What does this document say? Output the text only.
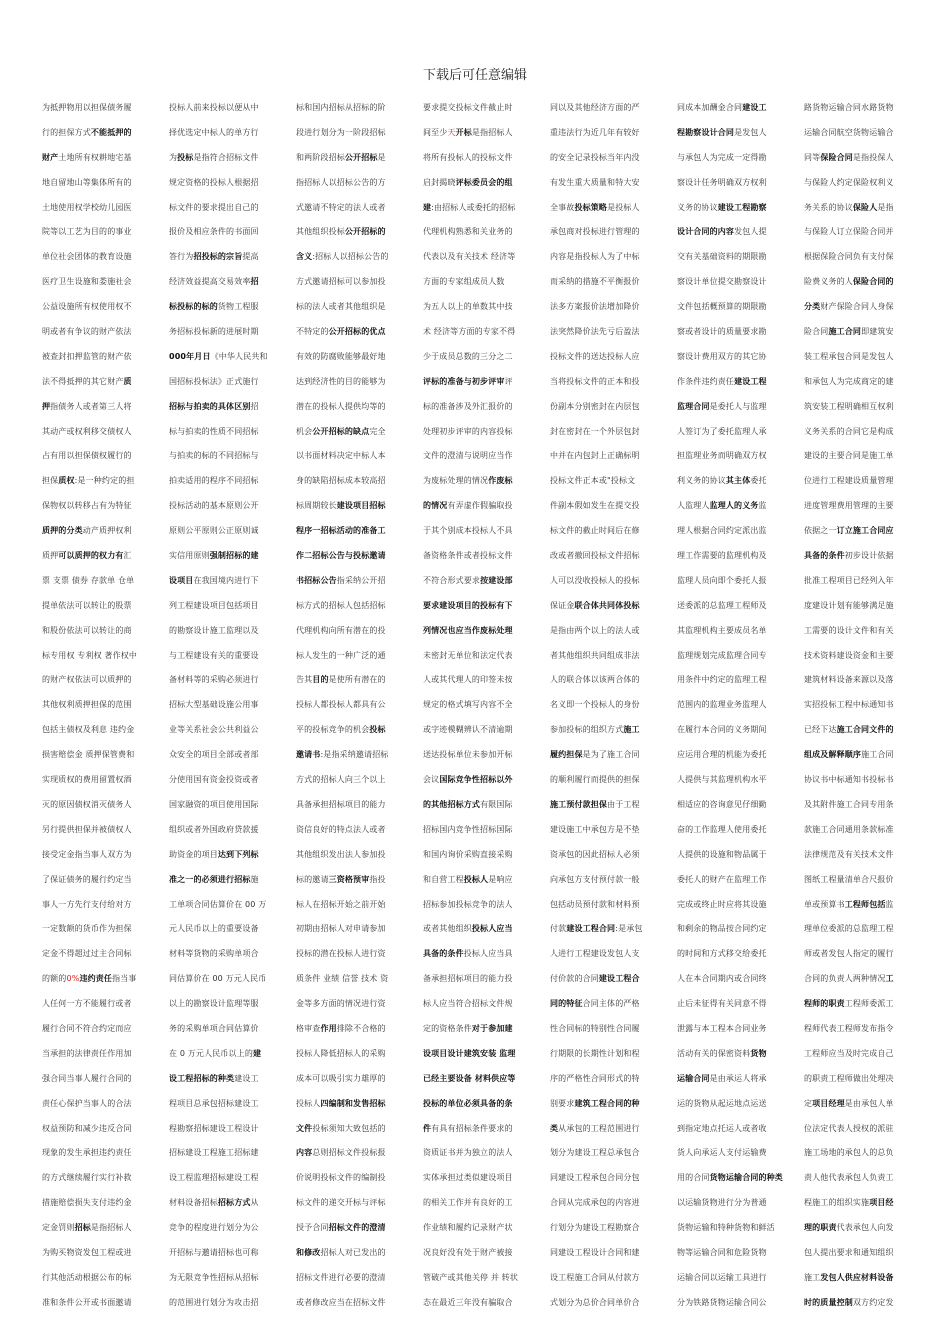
下载后可任意编辑
为抵押物用以担保债务履
行的担保方式不能抵押的
财产土地所有权耕地宅基
地自留地山等集体所有的
土地使用权学校幼儿园医
院等以工艺为目的的事业
单位社会团体的教育设施
医疗卫生设施和娄施社会
公益设施所有权使用权不
明或者有争议的财产依法
被查封扣押监管的财产依
法不得抵押的其它财产质
押指债务人或者第三人将
其动产或权利移交债权人
占有用以担保债权履行的
担保质权:是一种约定的担
保物权以转移占有为特征
质押的分类动产质押权利
质押可以质押的权力有汇
票 支票 债券 存款单 仓单
提单依法可以转让的股票
和股份依法可以转让的商
标专用权 专利权 著作权中
的财产权依法可以质押的
其他权利质押担保的范围
包括主债权及利息 违约金
损害赔偿金 质押保管费和
实现质权的费用留置权酒
灭的原因债权消灭债务人
另行提供担保并被债权人
接受定金指当事人双方为
了保证债务的履行约定当
事人一方先行支付给对方
一定数额的货币作为担保
定金不得超过过主合同标
的额的0%违约责任指当事
人任何一方不能履行或者
履行合同不符合约定而应
当承担的法律责任作用加
强合同当事人履行合同的
责任心保护当事人的合法
权益预防和减少违反合同
现象的发生承担违约责任
的方式继续履行实行补救
措施赔偿损失支付违约金
定金罚则招标是指招标人
为购买物资发包工程或进
行其他活动根据公布的标
准和条件公开或书面邀请
投标人前来投标以便从中
择优选定中标人的单方行
为投标是指符合招标文件
规定资格的投标人根据招
标文件的要求提出自己的
报价及相应条件的书面回
答行为招投标的宗旨提高
经济效益提高交易效率招
标投标的标的货物工程服
务招标投标新的进展时期
000年月日《中华人民共和
国招标投标法》正式施行
招标与拍卖的具体区别招
标与拍卖的性质不同招标
与拍卖的标的不同招标与
拍卖适用的程序不同招标
投标活动的基本原则公开
原则公平原则公正原则诚
实信用原则强制招标的建
设项目在我国境内进行下
列工程建设项目包括项目
的勘察设计施工监理以及
与工程建设有关的重要设
备材料等的采购必须进行
招标大型基础设施公用事
业等关系社会公共利益公
众安全的项目全部或者部
分使用国有资金投资或者
国家融资的项目使用国际
组织或者外国政府贷款援
助资金的项目达到下列标
准之一的必须进行招标施
工单项合同估算价在 00 万
元人民币以上的重要设备
材料等货物的采购单项合
同估算价在 00 万元人民币
以上的勘察设计监理等服
务的采购单项合同估算价
在 0 万元人民币以上的建
设工程招标的种类建设工
程项目总承包招标建设工
程勘察招标建设工程设计
招标建设工程施工招标建
设工程监理招标建设工程
材料设备招标招标方式从
竞争的程度进行划分为公
开招标与邀请招标也可称
为无限竞争性招标从招标
的范围进行划分为攻击招
标和国内招标从招标的阶
段进行划分为一阶段招标
和两阶段招标公开招标是
指招标人以招标公告的方
式邀请不特定的法人或者
其他组织投标公开招标的
含义:招标人以招标公告的
方式邀请招标可以参加投
标的法人或者其他组织是
不特定的公开招标的优点
有效的防腐败能够最好地
达到经济性的目的能够为
潜在的投标人提供均等的
机会公开招标的缺点完全
以书面材料决定中标人本
身的缺陷招标成本较高招
标周期较长建设项目招标
程序一招标活动的准备工
作二招标公告与投标邀请
书招标公告指采纳公开招
标方式的招标人包括招标
代理机构向所有潜在的投
标人发生的一种广泛的通
告其目的是使所有潜在的
投标人都投标人都具有公
平的投标竞争的机会投标
邀请书:是指采纳邀请招标
方式的招标人向三个以上
具备承担招标项目的能力
资信良好的特点法人或者
其他组织发出法人参加投
标的邀请三资格预审指投
标人在招标开始之前开始
初期由招标人对申请参加
投标的潜在投标人进行资
质条件 业绩 信誉 技术 资
金等多方面的情况进行资
格审查作用排除不合格的
投标人降低招标人的采购
成本可以吸引实力雄厚的
投标人四编制和发售招标
文件投标须知大致包括的
内容总则招标文件投标报
价说明投标文件的编制投
标文件的递交开标与评标
授予合同招标文件的澄清
和修改招标人对已发出的
招标文件进行必要的澄清
或者修改应当在招标文件
要求提交投标文件截止时
间至少天开标是指招标人
将所有投标人的投标文件
启封揭晓评标委员会的组
建:由招标人或委托的招标
代理机构熟悉和关业务的
代表以及有关技术 经济等
方面的专家组成员人数
为五人以上的单数其中技
术 经济等方面的专家不得
少于成员总数的三分之二
评标的准备与初步评审评
标的准备涉及外汇报价的
处理初步评审的内容投标
文件的澄清与说明应当作
为废标处理的情况作废标
的情况有弄虚作假骗取投
于其个别成本投标人不具
备资格条件或者投标文件
不符合形式要求按建设部
要求建设项目的投标有下
列情况也应当作废标处理
未密封无单位和法定代表
人或其代理人的印签未按
规定的格式填写内容不全
或字迹模糊辨认不清逾期
送达投标单位未参加开标
会议国际竞争性招标以外
的其他招标方式有限国际
招标国内竞争性招标国际
和国内询价采购直接采购
和自营工程投标人是响应
招标参加投标竞争的法人
或者其他组织投标人应当
具备的条件投标人应当具
备承担招标项目的能力投
标人应当符合招标文件规
定的资格条件对于参加建
设项目设计建筑安装 监理
已经主要设备 材料供应等
投标的单位必须具备的条
件有具有招标条件要求的
资质证书并为独立的法人
实体承担过类似建设项目
的相关工作并有良好的工
作业绩和履约记录财产状
况良好没有处于财产被接
管破产或其他关停 并 转状
态在最近三年没有骗取合
同以及其他经济方面的严
重违法行为近几年有较好
的安全记录投标当年内没
有发生重大质量和特大安
全事故投标策略是投标人
承包商对投标进行管理的
内容是指投标人为了中标
而采纳的措施不平衡报价
法多方案报价法增加降价
法突然降价法先亏后盈法
投标文件的送达投标人应
当将投标文件的正本和投
份副本分别密封在内层包
封在密封在一个外层包封
中并在内包封上正确标明
投标文件正本或"投标文
件副本假如发生在提交投
标文件的截止时间后在修
改或者撤回投标文件招标
人可以没收投标人的投标
保证金联合体共同体投标
是指由两个以上的法人或
者其他组织共同组成非法
人的联合体以该两合体的
名义即一个投标人的身份
参加投标的组织方式施工
履约担保是为了施工合同
的顺利履行而提供的担保
施工预付款担保由于工程
建设施工中承包方是不垫
资承包的因此招标人必须
向承包方支付预付款一般
包括动员预付款和材料预
付款建设工程合同:是承包
人进行工程建设发包人支
付价款的合同建设工程合
同的特征合同主体的严格
性合同标的特别性合同履
行期限的长期性计划和程
序的严格性合同形式的特
别要求建筑工程合同的种
类从承包的工程范围进行
划分为建设工程总承包合
同建设工程承包合同分包
合同从完成承包的内容进
行划分为建设工程勘察合
同建设工程设计合同和建
设工程施工合同从付款方
式划分为总价合同单价合
同成本加酬金合同建设工
程勘察设计合同是发包人
与承包人为完成一定得勘
察设计任务明确双方权利
义务的协议建设工程勘察
设计合同的内容发包人提
交有关基础资料的期限勘
察设计单位提交勘察设计
文件包括概预算的期限勘
察或者设计的质量要求勘
察设计费用双方的其它协
作条件违约责任建设工程
监理合同是委托人与监理
人签订为了委托监理人承
担监理业务而明确双方权
利义务的协议其主体委托
人监理人监理人的义务监
理人根据合同约定派出监
理工作需要的监理机构及
监理人员向即个委托人报
送委派的总监理工程师及
其监理机构主要成员名单
监理规划完成监理合同专
用条件中约定的监理工程
范围内的监理业务监理人
在履行本合同的义务期间
应运用合理的机能为委托
人提供与其监理机构水平
相适应的咨询意见仔细勤
奋的工作监理人使用委托
人提供的设施和物品属于
委托人的财产在监理工作
完成或终止时应将其设施
和剩余的物品按合同约定
的时间和方式移交给委托
人在本合同期内或合同终
止后未征得有关同意不得
泄露与本工程本合同业务
活动有关的保密资料货物
运输合同是由承运人将承
运的货物从起运地点运送
到指定地点托运人或者收
货人向承运人支付运输费
用的合同货物运输合同的种类
以运输货物进行分为普通
货物运输和特种货物和鲜活
物等运输合同和危险货物
运输合同以运输工具进行
分为铁路货物运输合同公
路货物运输合同水路货物
运输合同航空货物运输合
同等保险合同是指投保人
与保险人约定保险权利义
务关系的协议保险人是指
与保险人订立保险合同并
根据保险合同负有支付保
险费义务的人保险合同的
分类财产保险合同人身保
险合同施工合同即建筑安
装工程承包合同是发包人
和承包人为完成商定的建
筑安装工程明确相互权利
义务关系的合同它是构成
建设的主要合同是施工单
位进行工程建设质量管理
进度管理费用管理的主要
依据之一订立施工合同应
具备的条件初步设计依据
批准工程项目已经列入年
度建设计划有能够满足施
工需要的设计文件和有关
技术资料建设资金和主要
建筑材料设备来源以及落
实招投标工程中标通知书
已经下达施工合同文件的
组成及解释顺序施工合同
协议书中标通知书投标书
及其附件施工合同专用条
款施工合同通用条款标准
法律规范及有关技术文件
图纸工程量清单合尺报价
单或预算书工程师包括监
理单位委派的总监理工程
师或者发包人指定的履行
合同的负责人两种情况工
程师的职责工程师委派工
程师代表工程师发布指令
工程师应当及时完成自己
的职责工程师做出处理决
定项目经理是由承包人单
位法定代表人授权的派驻
施工场地的承包人的总负
责人他代表承包人负责工
程施工的组织实施项目经
理的职责代表承包人向发
包人提出要求和通知组织
施工发包人供应材料设备
时的质量控制双方约定发
